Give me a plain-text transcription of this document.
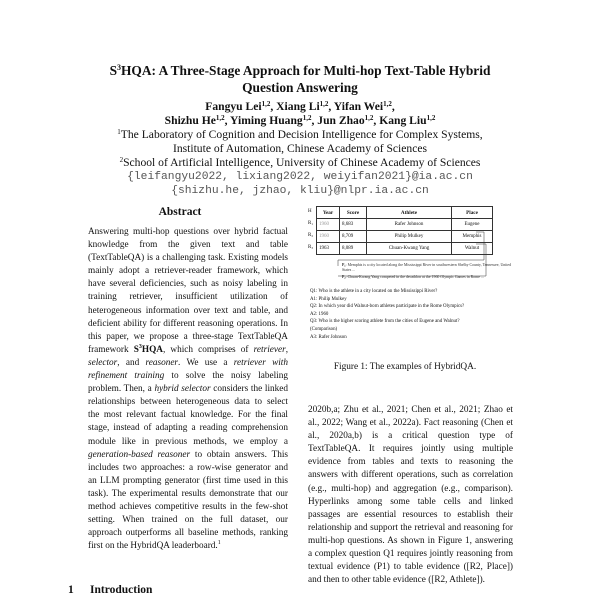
$S^3HQA$: A Three-Stage Approach for Multi-hop Text-Table Hybrid
Question Answering
Fangyu Lei$^{1,2}$, Xiang Li$^{1,2}$, Yifan Wei$^{1,2}$,
Shizhu He$^{1,2}$, Yiming Huang$^{1,2}$, Jun Zhao$^{1,2}$, Kang Liu$^{1,2}$
$^1$The Laboratory of Cognition and Decision Intelligence for Complex Systems,
Institute of Automation, Chinese Academy of Sciences
$^2$School of Artificial Intelligence, University of Chinese Academy of Sciences
{leifangyu2022, lixiang2022, weiyifan2021}@ia.ac.cn
{shizhu.he, jzhao, kliu}@nlpr.ia.ac.cn
Abstract
Answering multi-hop questions over hybrid factual knowledge from the given text and table (TextTableQA) is a challenging task. Existing models mainly adopt a retriever-reader framework, which have several deficiencies, such as noisy labeling in training retriever, insufficient utilization of heterogeneous information over text and table, and deficient ability for different reasoning operations. In this paper, we propose a three-stage TextTableQA framework $S^3HQA$, which comprises of retriever, selector, and reasoner. We use a retriever with refinement training to solve the noisy labeling problem. Then, a hybrid selector considers the linked relationships between heterogeneous data to select the most relevant factual knowledge. For the final stage, instead of adapting a reading comprehension module like in previous methods, we employ a generation-based reasoner to obtain answers. This includes two approaches: a row-wise generator and an LLM prompting generator (first time used in this task). The experimental results demonstrate that our method achieves competitive results in the few-shot setting. When trained on the full dataset, our approach outperforms all baseline methods, ranking first on the HybridQA leaderboard.$^1$
1 Introduction
H
R₁
R₂
R₃
Year	Score	Athlete	Place
1960	8,683	Rafer Johnson	Eugene
1960	8,709	Philip Mulkey	Memphis
1963	8,089	Chuan-Kwang Yang	Walnut
P₁: Memphis is a city located along the Mississippi River in southwestern Shelby County, Tennessee, United States ...
P₂: Chuan-Kwang Yang competed in the decathlon at the 1960 Olympic Games in Rome ...
Q1: Who is the athlete in a city located on the Mississippi River?
A1: Philip Mulkey
Q2: In which year did Walnut-born athletes participate in the Rome Olympics?
A2: 1960
Q3: Who is the higher scoring athlete from the cities of Eugene and Walnut?
(Comparison)
A3: Rafer Johnson
Figure 1: The examples of HybridQA.
2020b,a; Zhu et al., 2021; Chen et al., 2021; Zhao et al., 2022; Wang et al., 2022a). Fact reasoning (Chen et al., 2020a,b) is a critical question type of TextTableQA. It requires jointly using multiple evidence from tables and texts to reasoning the answers with different operations, such as correlation (e.g., multi-hop) and aggregation (e.g., comparison). Hyperlinks among some table cells and linked passages are essential resources to establish their relationship and support the retrieval and reasoning for multi-hop questions. As shown in Figure 1, answering a complex question Q1 requires jointly reasoning from textual evidence (P1) to table evidence ([R2, Place]) and then to other table evidence ([R2, Athlete]).
